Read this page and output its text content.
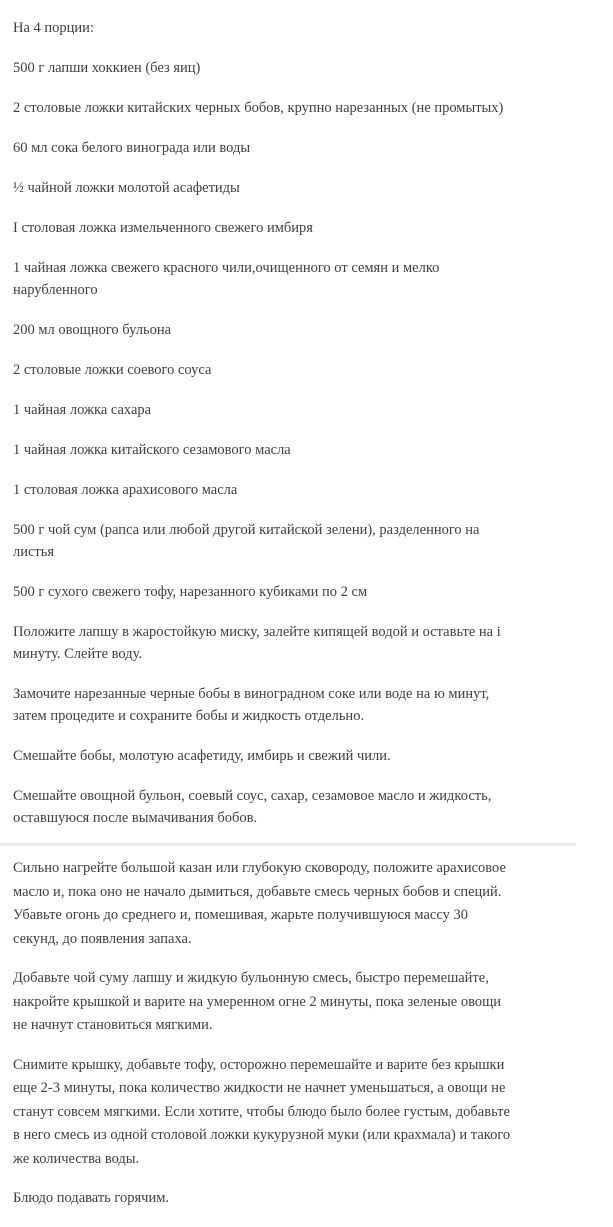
На 4 порции:

500 г лапши хоккиен (без яиц)

2 столовые ложки китайских черных бобов, крупно нарезанных (не промытых)

60 мл сока белого винограда или воды

½ чайной ложки молотой асафетиды

I столовая ложка измельченного свежего имбиря

1 чайная ложка свежего красного чили,очищенного от семян и мелко
нарубленного

200 мл овощного бульона

2 столовые ложки соевого соуса

1 чайная ложка сахара

1 чайная ложка китайского сезамового масла

1 столовая ложка арахисового масла

500 г чой сум (рапса или любой другой китайской зелени), разделенного на
листья

500 г сухого свежего тофу, нарезанного кубиками по 2 см

Положите лапшу в жаростойкую миску, залейте кипящей водой и оставьте на i
минуту. Слейте воду.

Замочите нарезанные черные бобы в виноградном соке или воде на ю минут,
затем процедите и сохраните бобы и жидкость отдельно.

Смешайте бобы, молотую асафетиду, имбирь и свежий чили.

Смешайте овощной бульон, соевый соус, сахар, сезамовое масло и жидкость,
оставшуюся после вымачивания бобов.

Сильно нагрейте большой казан или глубокую сковороду, положите арахисовое
масло и, пока оно не начало дымиться, добавьте смесь черных бобов и специй.
Убавьте огонь до среднего и, помешивая, жарьте получившуюся массу 30
секунд, до появления запаха.

Добавьте чой суму лапшу и жидкую бульонную смесь, быстро перемешайте,
накройте крышкой и варите на умеренном огне 2 минуты, пока зеленые овощи
не начнут становиться мягкими.

Снимите крышку, добавьте тофу, осторожно перемешайте и варите без крышки
еще 2-3 минуты, пока количество жидкости не начнет уменьшаться, а овощи не
станут совсем мягкими. Если хотите, чтобы блюдо было более густым, добавьте
в него смесь из одной столовой ложки кукурузной муки (или крахмала) и такого
же количества воды.

Блюдо подавать горячим.
